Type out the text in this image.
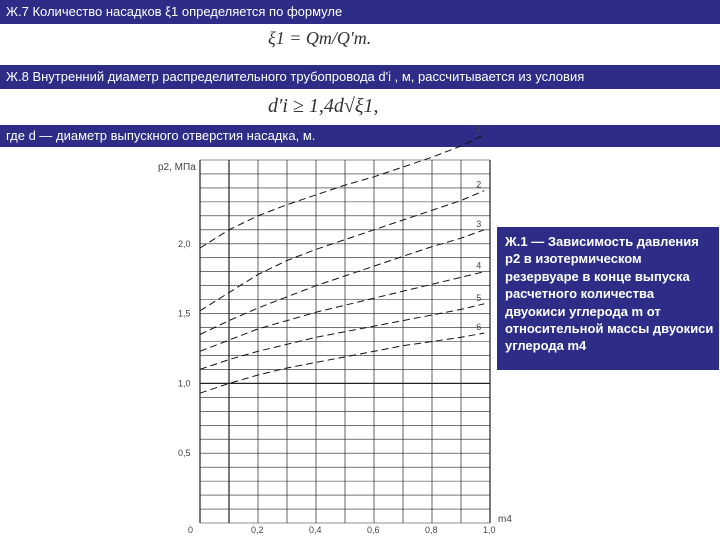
Ж.7 Количество насадков ξ1 определяется по формуле
ξ1 = Qm/Q′m.
Ж.8 Внутренний диаметр распределительного трубопровода d'i , м, рассчитывается из условия
d′i ≥ 1,4d√ξ1,
где d — диаметр выпускного отверстия насадка, м.
0	0,2	0,4	0,6	0,8	1,0
0,5
1,0
1,5
2,0
1
2
3
4
5
6
p2, МПа
m4
Ж.1 — Зависимость давления p2 в изотермическом резервуаре в конце выпуска расчетного количества двуокиси углерода m от относительной массы двуокиси углерода m4
